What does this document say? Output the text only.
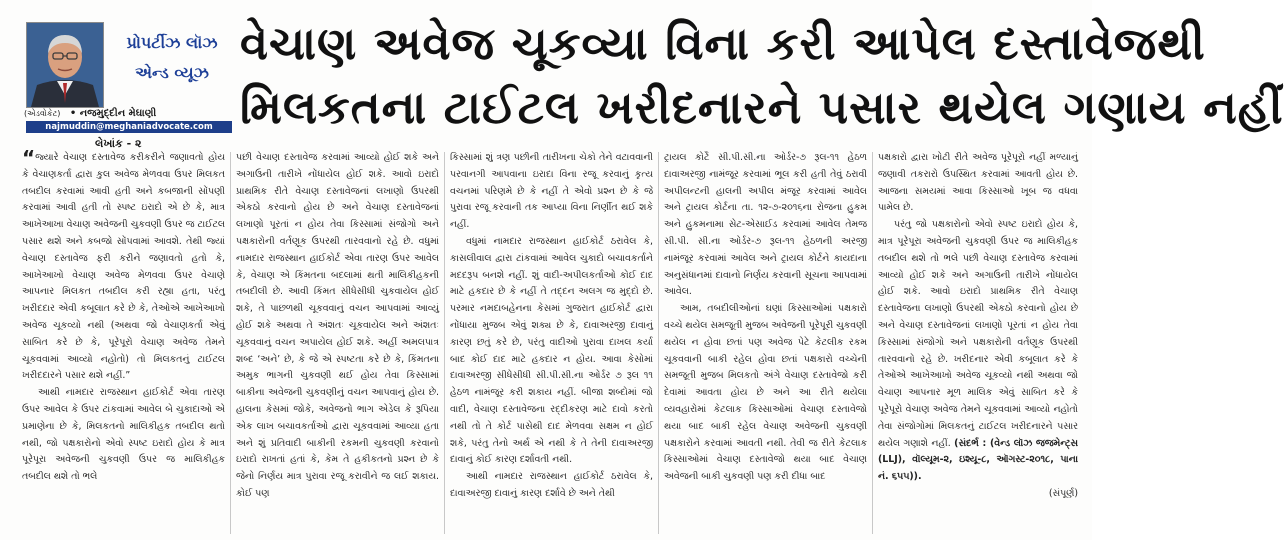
પ્રોપર્ટીઝ લૉઝ
એન્ડ વ્યૂઝ
(એડવોકેટ) • નજમુદ્દીન મેઘાણી
najmuddin@meghaniadvocate.com
વેચાણ અવેજ ચૂકવ્યા વિના કરી આપેલ દસ્તાવેજથી
મિલકતના ટાઈટલ ખરીદનારને પસાર થયેલ ગણાય નહીં
લેખાંક - ૨

“જ્યારે વેચાણ દસ્તાવેજ કરીકરીને જણાવતો હોય કે વેચાણકર્તા દ્વારા કુલ અવેજ મેળવવા ઉપર મિલકત તબદીલ કરવામાં આવી હતી અને કબજાની સોંપણી કરવામાં આવી હતી તો સ્પષ્ટ ઇરાદો એ છે કે, માત્ર આખેઆખા વેચાણ અવેજની ચુકવણી ઉપર જ ટાઈટલ પસાર થશે અને કબજો સોંપવામાં આવશે. તેથી જ્યાં વેચાણ દસ્તાવેજ ફરી કરીને જણાવતો હતો કે, આખેઆખો વેચાણ અવેજ મેળવવા ઉપર વેચાણે આપનાર મિલકત તબદીલ કરી રહ્યા હતા, પરંતુ ખરીદદાર એવી કબૂલાત કરે છે કે, તેઓએ આખેઆખો અવેજ ચૂકવ્યો નથી (અથવા જો વેચાણકર્તા એવું સાબિત કરે છે કે, પૂરેપૂરો વેચાણ અવેજ તેમને ચૂકવવામાં આવ્યો નહોતો) તો મિલકતનું ટાઈટલ ખરીદદારને પસાર થશે નહીં.”

આથી નામદાર રાજસ્થાન હાઈકોર્ટ એવા તારણ ઉપર આવેલ કે ઉપર ટાંકવામાં આવેલ બે ચુકાદાઓ એ પ્રમાણેના છે કે, મિલકતનો માલિકીહક તબદીલ થતો નથી, જો પક્ષકારોનો એવો સ્પષ્ટ ઇરાદો હોય કે માત્ર પૂરેપૂરા અવેજની ચુકવણી ઉપર જ માલિકીહક તબદીલ થશે તો ભલે

પછી વેચાણ દસ્તાવેજ કરવામાં આવ્યો હોઈ શકે અને અગાઉની તારીખે નોંધાયેલ હોઈ શકે. આવો ઇરાદો પ્રાથમિક રીતે વેચાણ દસ્તાવેજનાં લખાણો ઉપરથી એકઠો કરવાનો હોય છે અને વેચાણ દસ્તાવેજનાં લખાણો પૂરતાં ન હોય તેવા કિસ્સામાં સંજોગો અને પક્ષકારોની વર્તણૂક ઉપરથી તારવવાનો રહે છે. વધુમાં નામદાર રાજસ્થાન હાઈકોર્ટ એવા તારણ ઉપર આવેલ કે, વેચાણ એ કિંમતના બદલામાં થતી માલિકીહકની તબદીલી છે. આવી કિંમત સીધેસીધી ચુકવાયેલ હોઈ શકે, તે પાછળથી ચૂકવવાનું વચન આપવામાં આવ્યું હોઈ શકે અથવા તે અંશતઃ ચૂકવાયેલ અને અંશતઃ ચૂકવવાનું વચન અપાયેલ હોઈ શકે. અહીં અમલપાત્ર શબ્દ ‘અને’ છે, કે જે એ સ્પષ્ટતા કરે છે કે, કિંમતના અમુક ભાગની ચુકવણી થઈ હોય તેવા કિસ્સામાં બાકીના અવેજની ચુકવણીનું વચન આપવાનું હોય છે. હાલના કેસમાં જોકે, અવેજનો ભાગ એડેલ કે રૂપિયા એક લાખ બચાવકર્તાઓ દ્વારા ચૂકવવામાં આવ્યા હતા અને શું પ્રતિવાદી બાકીની રકમની ચુકવણી કરવાનો ઇરાદો રાખતાં હતાં કે, કેમ તે હકીકતનો પ્રશ્ન છે કે જેનો નિર્ણય માત્ર પુરાવા રજૂ કરાવીને જ લઈ શકાય. કોઈ પણ

કિસ્સામાં શું ત્રણ પછીની તારીખના ચેકો તેને વટાવવાની પરવાનગી આપવાના ઇરાદા વિના રજૂ કરવાનું કૃત્ય વચનમાં પરિણમે છે કે નહીં તે એવો પ્રશ્ન છે કે જે પુરાવા રજૂ કરવાની તક આપ્યા વિના નિર્ણીત થઈ શકે નહીં.

વધુમાં નામદાર રાજસ્થાન હાઈકોર્ટ ઠરાવેલ કે, કાસલીવાલ દ્વારા ટાંકવામાં આવેલ ચુકાદો બચાવકર્તાને મદદરૂપ બનશે નહીં. શું વાદી-અપીલકર્તાઓ કોઈ દાદ માટે હકદાર છે કે નહીં તે તદ્દન અલગ જ મુદ્દો છે. પરમાર નમદાબહેનના કેસમાં ગુજરાત હાઈકોર્ટ દ્વારા નોંધાયા મુજબ એવું શક્ય છે કે, દાવાઅરજી દાવાનું કારણ છતું કરે છે, પરંતુ વાદીઓ પુરાવા દાખલ કર્યા બાદ કોઈ દાદ માટે હકદાર ન હોય. આવા કેસોમાં દાવાઅરજી સીધેસીધી સી.પી.સી.ના ઓર્ડર ૭ રૂલ ૧૧ હેઠળ નામંજૂર કરી શકાય નહીં. બીજા શબ્દોમાં જો વાદી, વેચાણ દસ્તાવેજના રદ્દીકરણ માટે દાવો કરતો નથી તો તે કોર્ટ પાસેથી દાદ મેળવવા સક્ષમ ન હોઈ શકે, પરંતુ તેનો અર્થ એ નથી કે તે તેની દાવાઅરજી દાવાનું કોઈ કારણ દર્શાવતી નથી.

આથી નામદાર રાજસ્થાન હાઈકોર્ટ ઠરાવેલ કે, દાવાઅરજી દાવાનું કારણ દર્શાવે છે અને તેથી

ટ્રાયલ કોર્ટે સી.પી.સી.ના ઓર્ડર-૭ રૂલ-૧૧ હેઠળ દાવાઅરજી નામંજૂર કરવામાં ભૂલ કરી હતી તેવું ઠરાવી અપીલન્ટની હાલની અપીલ મંજૂર કરવામાં આવેલ અને ટ્રાયલ કોર્ટના તા. ૧૨-૭-૨૦૧૬ના રોજના હુકમ અને હુકમનામા સેટ-એસાઈડ કરવામાં આવેલ તેમજ સી.પી. સી.ના ઓર્ડર-૭ રૂલ-૧૧ હેઠળની અરજી નામંજૂર કરવામાં આવેલ અને ટ્રાયલ કોર્ટને કાયદાના અનુસંધાનમાં દાવાનો નિર્ણય કરવાની સૂચના આપવામાં આવેલ.

આમ, તબદીલીઓનાં ઘણાં કિસ્સાઓમાં પક્ષકારો વચ્ચે થયેલ સમજૂતી મુજબ અવેજની પૂરેપૂરી ચુકવણી થયેલ ન હોવા છતાં પણ અવેજ પેટે કેટલીક રકમ ચૂકવવાની બાકી રહેલ હોવા છતાં પક્ષકારો વચ્ચેની સમજૂતી મુજબ મિલકતો અંગે વેચાણ દસ્તાવેજો કરી દેવામાં આવતા હોય છે અને આ રીતે થયેલા વ્યવહારોમાં કેટલાક કિસ્સાઓમાં વેચાણ દસ્તાવેજો થયા બાદ બાકી રહેલ વેચાણ અવેજની ચુકવણી પક્ષકારોને કરવામાં આવતી નથી. તેવી જ રીતે કેટલાક કિસ્સાઓમાં વેચાણ દસ્તાવેજો થયા બાદ વેચાણ અવેજની બાકી ચુકવણી પણ કરી દીધા બાદ

પક્ષકારો દ્વારા ખોટી રીતે અવેજ પૂરેપૂરો નહીં મળ્યાનું જણાવી તકરારો ઉપસ્થિત કરવામાં આવતી હોય છે. આજના સમયમાં આવા કિસ્સાઓ ખૂબ જ વધવા પામેલ છે.

પરંતુ જો પક્ષકારોનો એવો સ્પષ્ટ ઇરાદો હોય કે, માત્ર પૂરેપૂરા અવેજની ચુકવણી ઉપર જ માલિકીહક તબદીલ થશે તો ભલે પછી વેચાણ દસ્તાવેજ કરવામાં આવ્યો હોઈ શકે અને અગાઉની તારીખે નોંધાયેલ હોઈ શકે. આવો ઇરાદો પ્રાથમિક રીતે વેચાણ દસ્તાવેજના લખાણો ઉપરથી એકઠો કરવાનો હોય છે અને વેચાણ દસ્તાવેજનાં લખાણો પૂરતાં ન હોય તેવા કિસ્સામાં સંજોગો અને પક્ષકારોની વર્તણૂક ઉપરથી તારવવાનો રહે છે. ખરીદનાર એવી કબૂલાત કરે કે તેઓએ આખેઆખો અવેજ ચૂકવ્યો નથી અથવા જો વેચાણ આપનાર મૂળ માલિક એવું સાબિત કરે કે પૂરેપૂરો વેચાણ અવેજ તેમને ચૂકવવામાં આવ્યો નહોતો તેવા સંજોગોમાં મિલકતનું ટાઈટલ ખરીદનારને પસાર થયેલ ગણાશે નહીં. (સંદર્ભ : (વેન્ડ લૉઝ જજમેન્ટ્સ (LLJ), વૉલ્યૂમ-૨, ઇશ્યૂ-૮, ઑગસ્ટ-૨૦૧૮, પાના નં. ૬૫૫)).

(સંપૂર્ણ)
